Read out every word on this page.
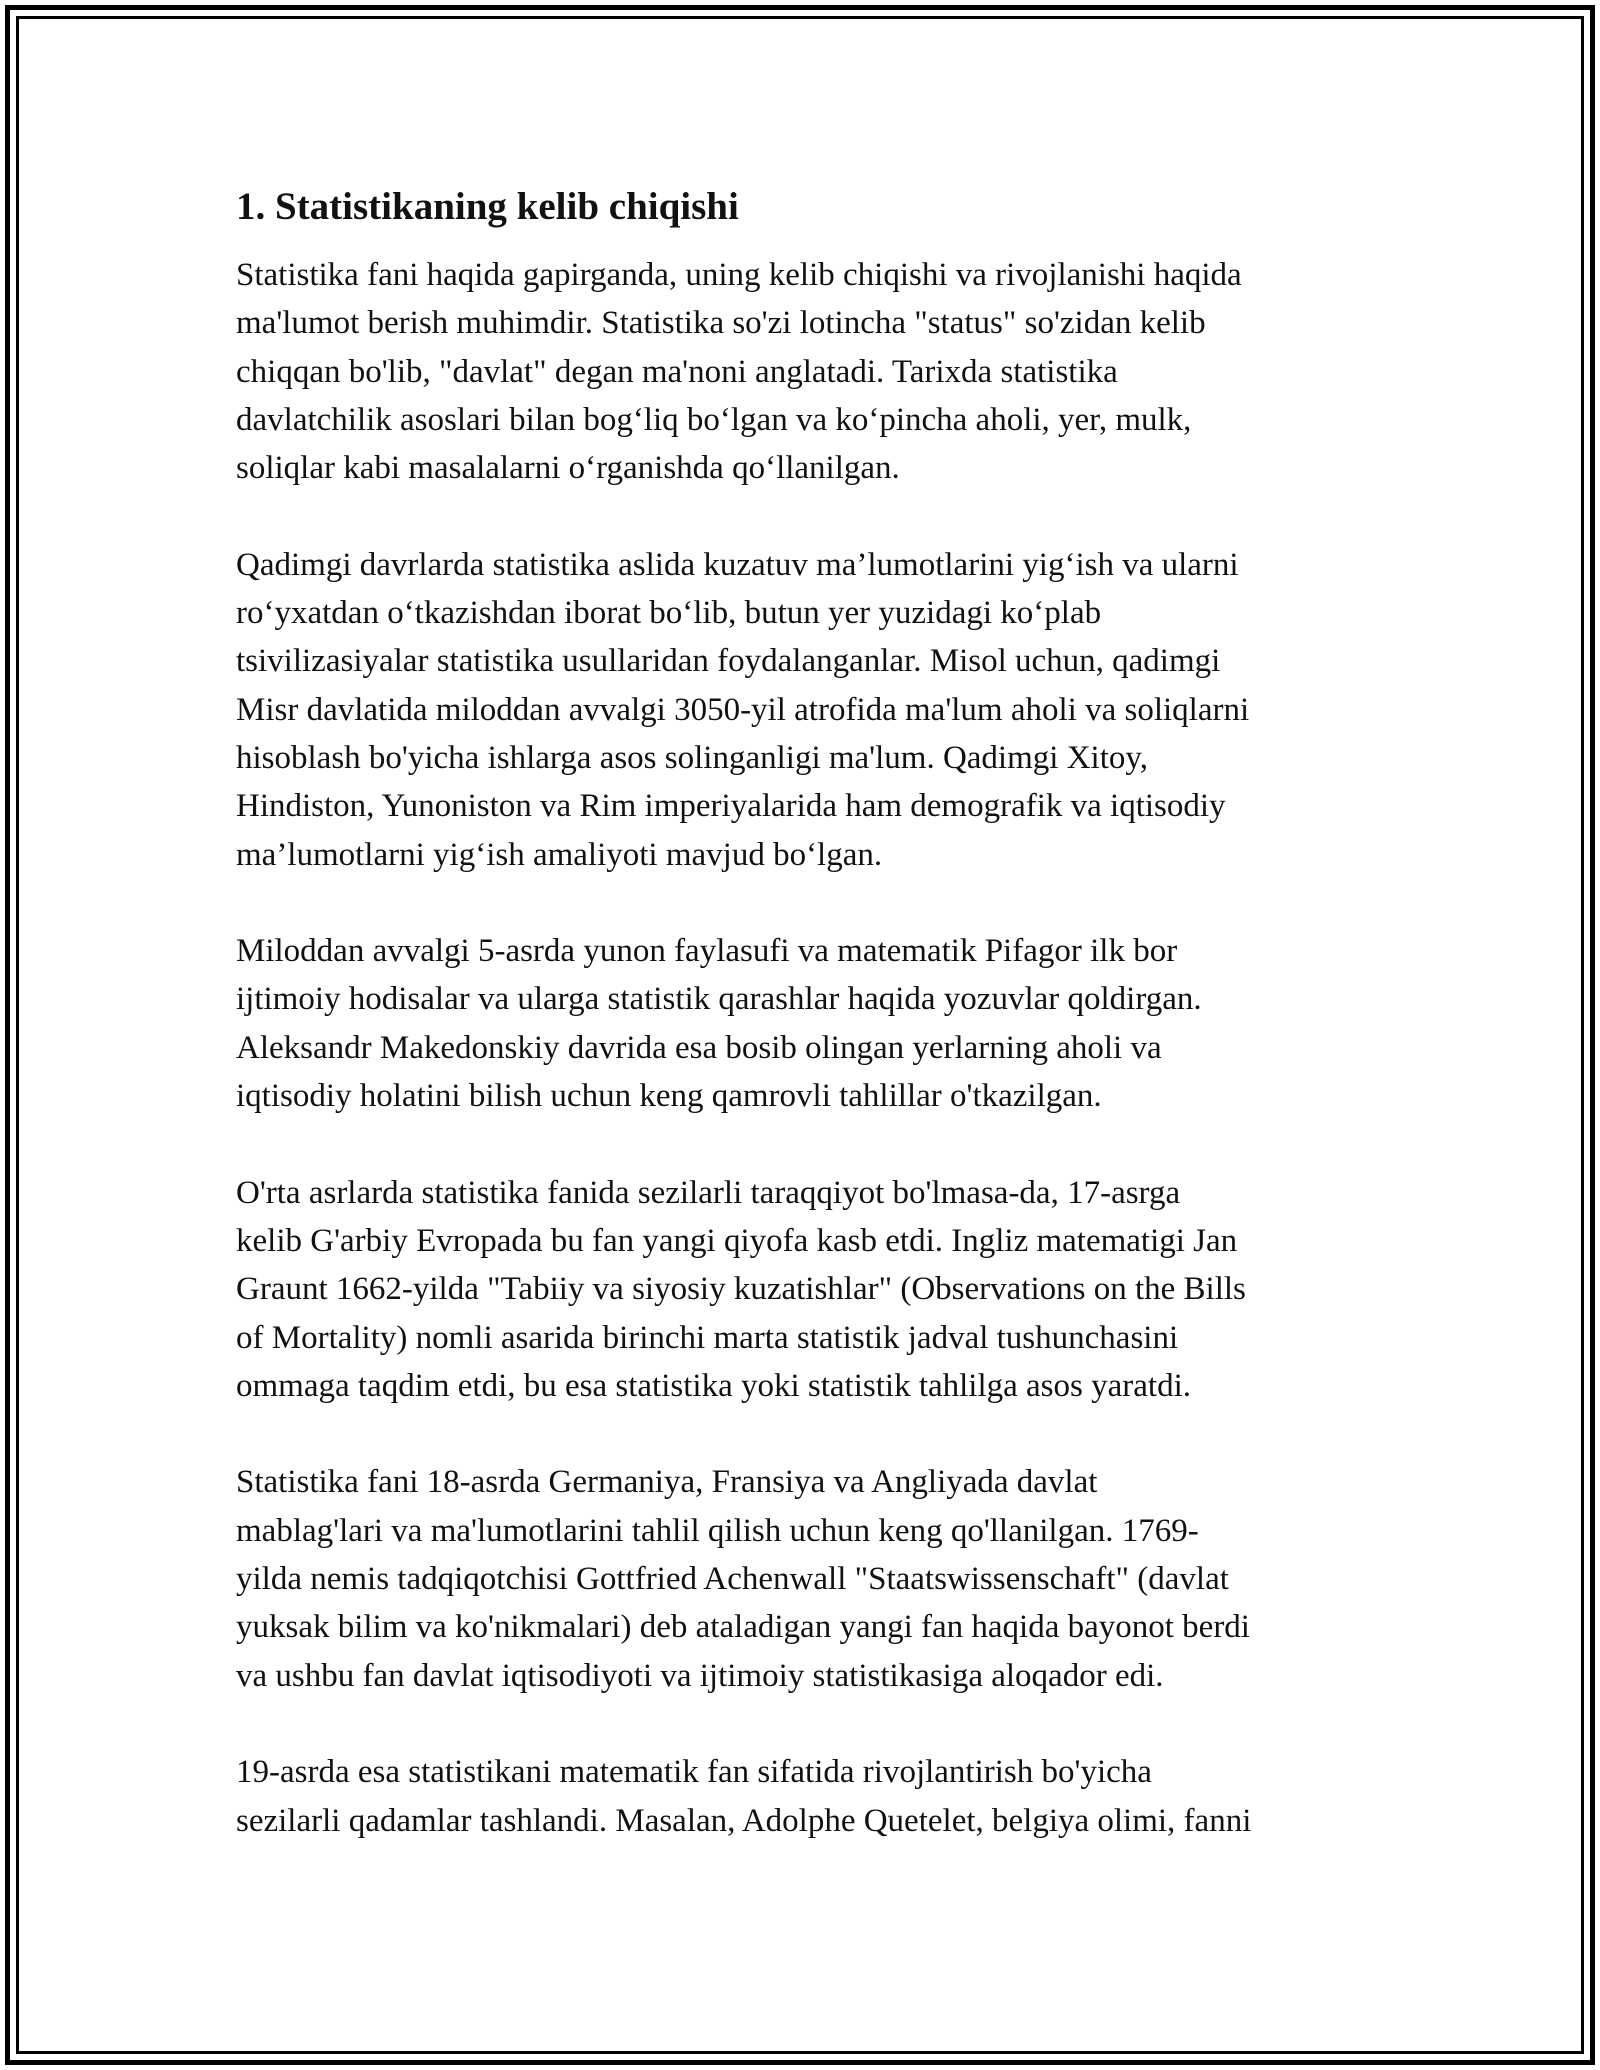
1. Statistikaning kelib chiqishi

Statistika fani haqida gapirganda, uning kelib chiqishi va rivojlanishi haqida
ma'lumot berish muhimdir. Statistika so'zi lotincha "status" so'zidan kelib
chiqqan bo'lib, "davlat" degan ma'noni anglatadi. Tarixda statistika
davlatchilik asoslari bilan bog‘liq bo‘lgan va ko‘pincha aholi, yer, mulk,
soliqlar kabi masalalarni o‘rganishda qo‘llanilgan.

Qadimgi davrlarda statistika aslida kuzatuv ma’lumotlarini yig‘ish va ularni
ro‘yxatdan o‘tkazishdan iborat bo‘lib, butun yer yuzidagi ko‘plab
tsivilizasiyalar statistika usullaridan foydalanganlar. Misol uchun, qadimgi
Misr davlatida miloddan avvalgi 3050-yil atrofida ma'lum aholi va soliqlarni
hisoblash bo'yicha ishlarga asos solinganligi ma'lum. Qadimgi Xitoy,
Hindiston, Yunoniston va Rim imperiyalarida ham demografik va iqtisodiy
ma’lumotlarni yig‘ish amaliyoti mavjud bo‘lgan.

Miloddan avvalgi 5-asrda yunon faylasufi va matematik Pifagor ilk bor
ijtimoiy hodisalar va ularga statistik qarashlar haqida yozuvlar qoldirgan.
Aleksandr Makedonskiy davrida esa bosib olingan yerlarning aholi va
iqtisodiy holatini bilish uchun keng qamrovli tahlillar o'tkazilgan.

O'rta asrlarda statistika fanida sezilarli taraqqiyot bo'lmasa-da, 17-asrga
kelib G'arbiy Evropada bu fan yangi qiyofa kasb etdi. Ingliz matematigi Jan
Graunt 1662-yilda "Tabiiy va siyosiy kuzatishlar" (Observations on the Bills
of Mortality) nomli asarida birinchi marta statistik jadval tushunchasini
ommaga taqdim etdi, bu esa statistika yoki statistik tahlilga asos yaratdi.

Statistika fani 18-asrda Germaniya, Fransiya va Angliyada davlat
mablag'lari va ma'lumotlarini tahlil qilish uchun keng qo'llanilgan. 1769-
yilda nemis tadqiqotchisi Gottfried Achenwall "Staatswissenschaft" (davlat
yuksak bilim va ko'nikmalari) deb ataladigan yangi fan haqida bayonot berdi
va ushbu fan davlat iqtisodiyoti va ijtimoiy statistikasiga aloqador edi.

19-asrda esa statistikani matematik fan sifatida rivojlantirish bo'yicha
sezilarli qadamlar tashlandi. Masalan, Adolphe Quetelet, belgiya olimi, fanni
